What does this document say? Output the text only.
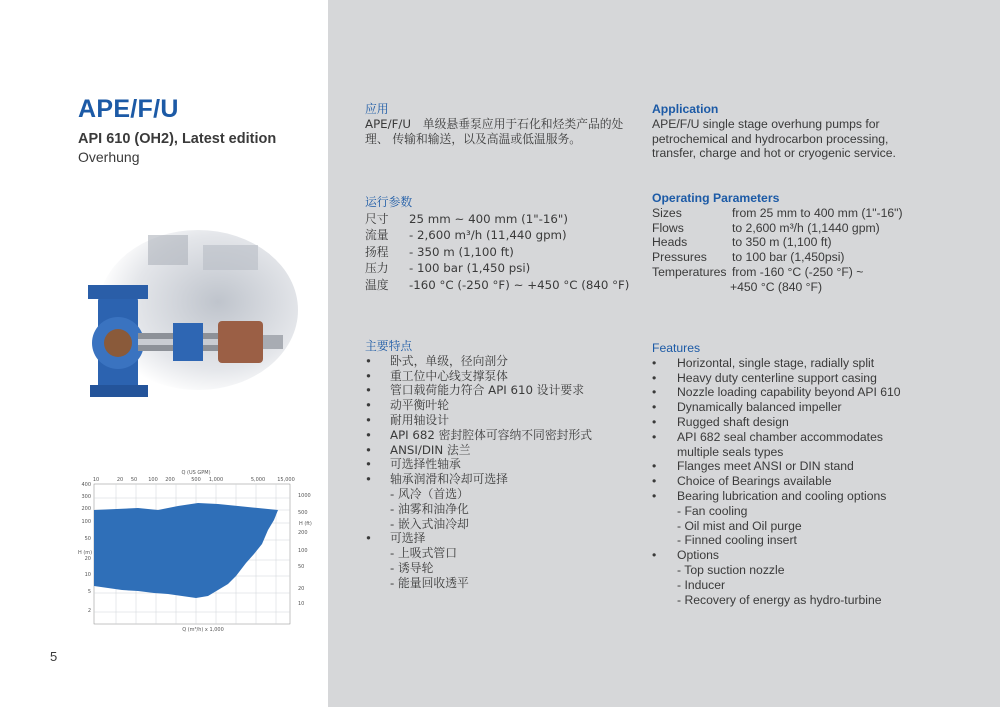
APE/F/U
API 610 (OH2), Latest edition
Overhung
Q (US GPM)
10	20 50 100 200	500 1,000	5,000 15,000
400
300
200
100
50
20
10
5
2
1000
500
200
100
50
20
10
H (m)
H (ft)
Q (m³/h) x 1,000
5
应用
APE/F/U　单级悬垂泵应用于石化和烃类产品的处
理、 传输和输送，以及高温或低温服务。
运行参数
尺寸	25 mm ~ 400 mm (1"-16")
流量	- 2,600 m³/h (11,440 gpm)
扬程	- 350 m (1,100 ft)
压力	- 100 bar (1,450 psi)
温度	-160 °C (-250 °F) ~ +450 °C (840 °F)
主要特点
• 卧式，单级，径向剖分
• 重工位中心线支撑泵体
• 管口载荷能力符合 API 610 设计要求
• 动平衡叶轮
• 耐用轴设计
• API 682 密封腔体可容纳不同密封形式
• ANSI/DIN 法兰
• 可选择性轴承
• 轴承润滑和冷却可选择
- 风冷（首选）
- 油雾和油净化
- 嵌入式油冷却
• 可选择
- 上吸式管口
- 诱导轮
- 能量回收透平
Application
APE/F/U single stage overhung pumps for
petrochemical and hydrocarbon processing,
transfer, charge and hot or cryogenic service.
Operating Parameters
Sizes	from 25 mm to 400 mm (1"-16")
Flows	to 2,600 m³/h (1,1440 gpm)
Heads	to 350 m (1,100 ft)
Pressures	to 100 bar (1,450psi)
Temperatures from -160 °C (-250 °F) ~
+450 °C (840 °F)
Features
• Horizontal, single stage, radially split
• Heavy duty centerline support casing
• Nozzle loading capability beyond API 610
• Dynamically balanced impeller
• Rugged shaft design
• API 682 seal chamber accommodates
multiple seals types
• Flanges meet ANSI or DIN stand
• Choice of Bearings available
• Bearing lubrication and cooling options
- Fan cooling
- Oil mist and Oil purge
- Finned cooling insert
• Options
- Top suction nozzle
- Inducer
- Recovery of energy as hydro-turbine
